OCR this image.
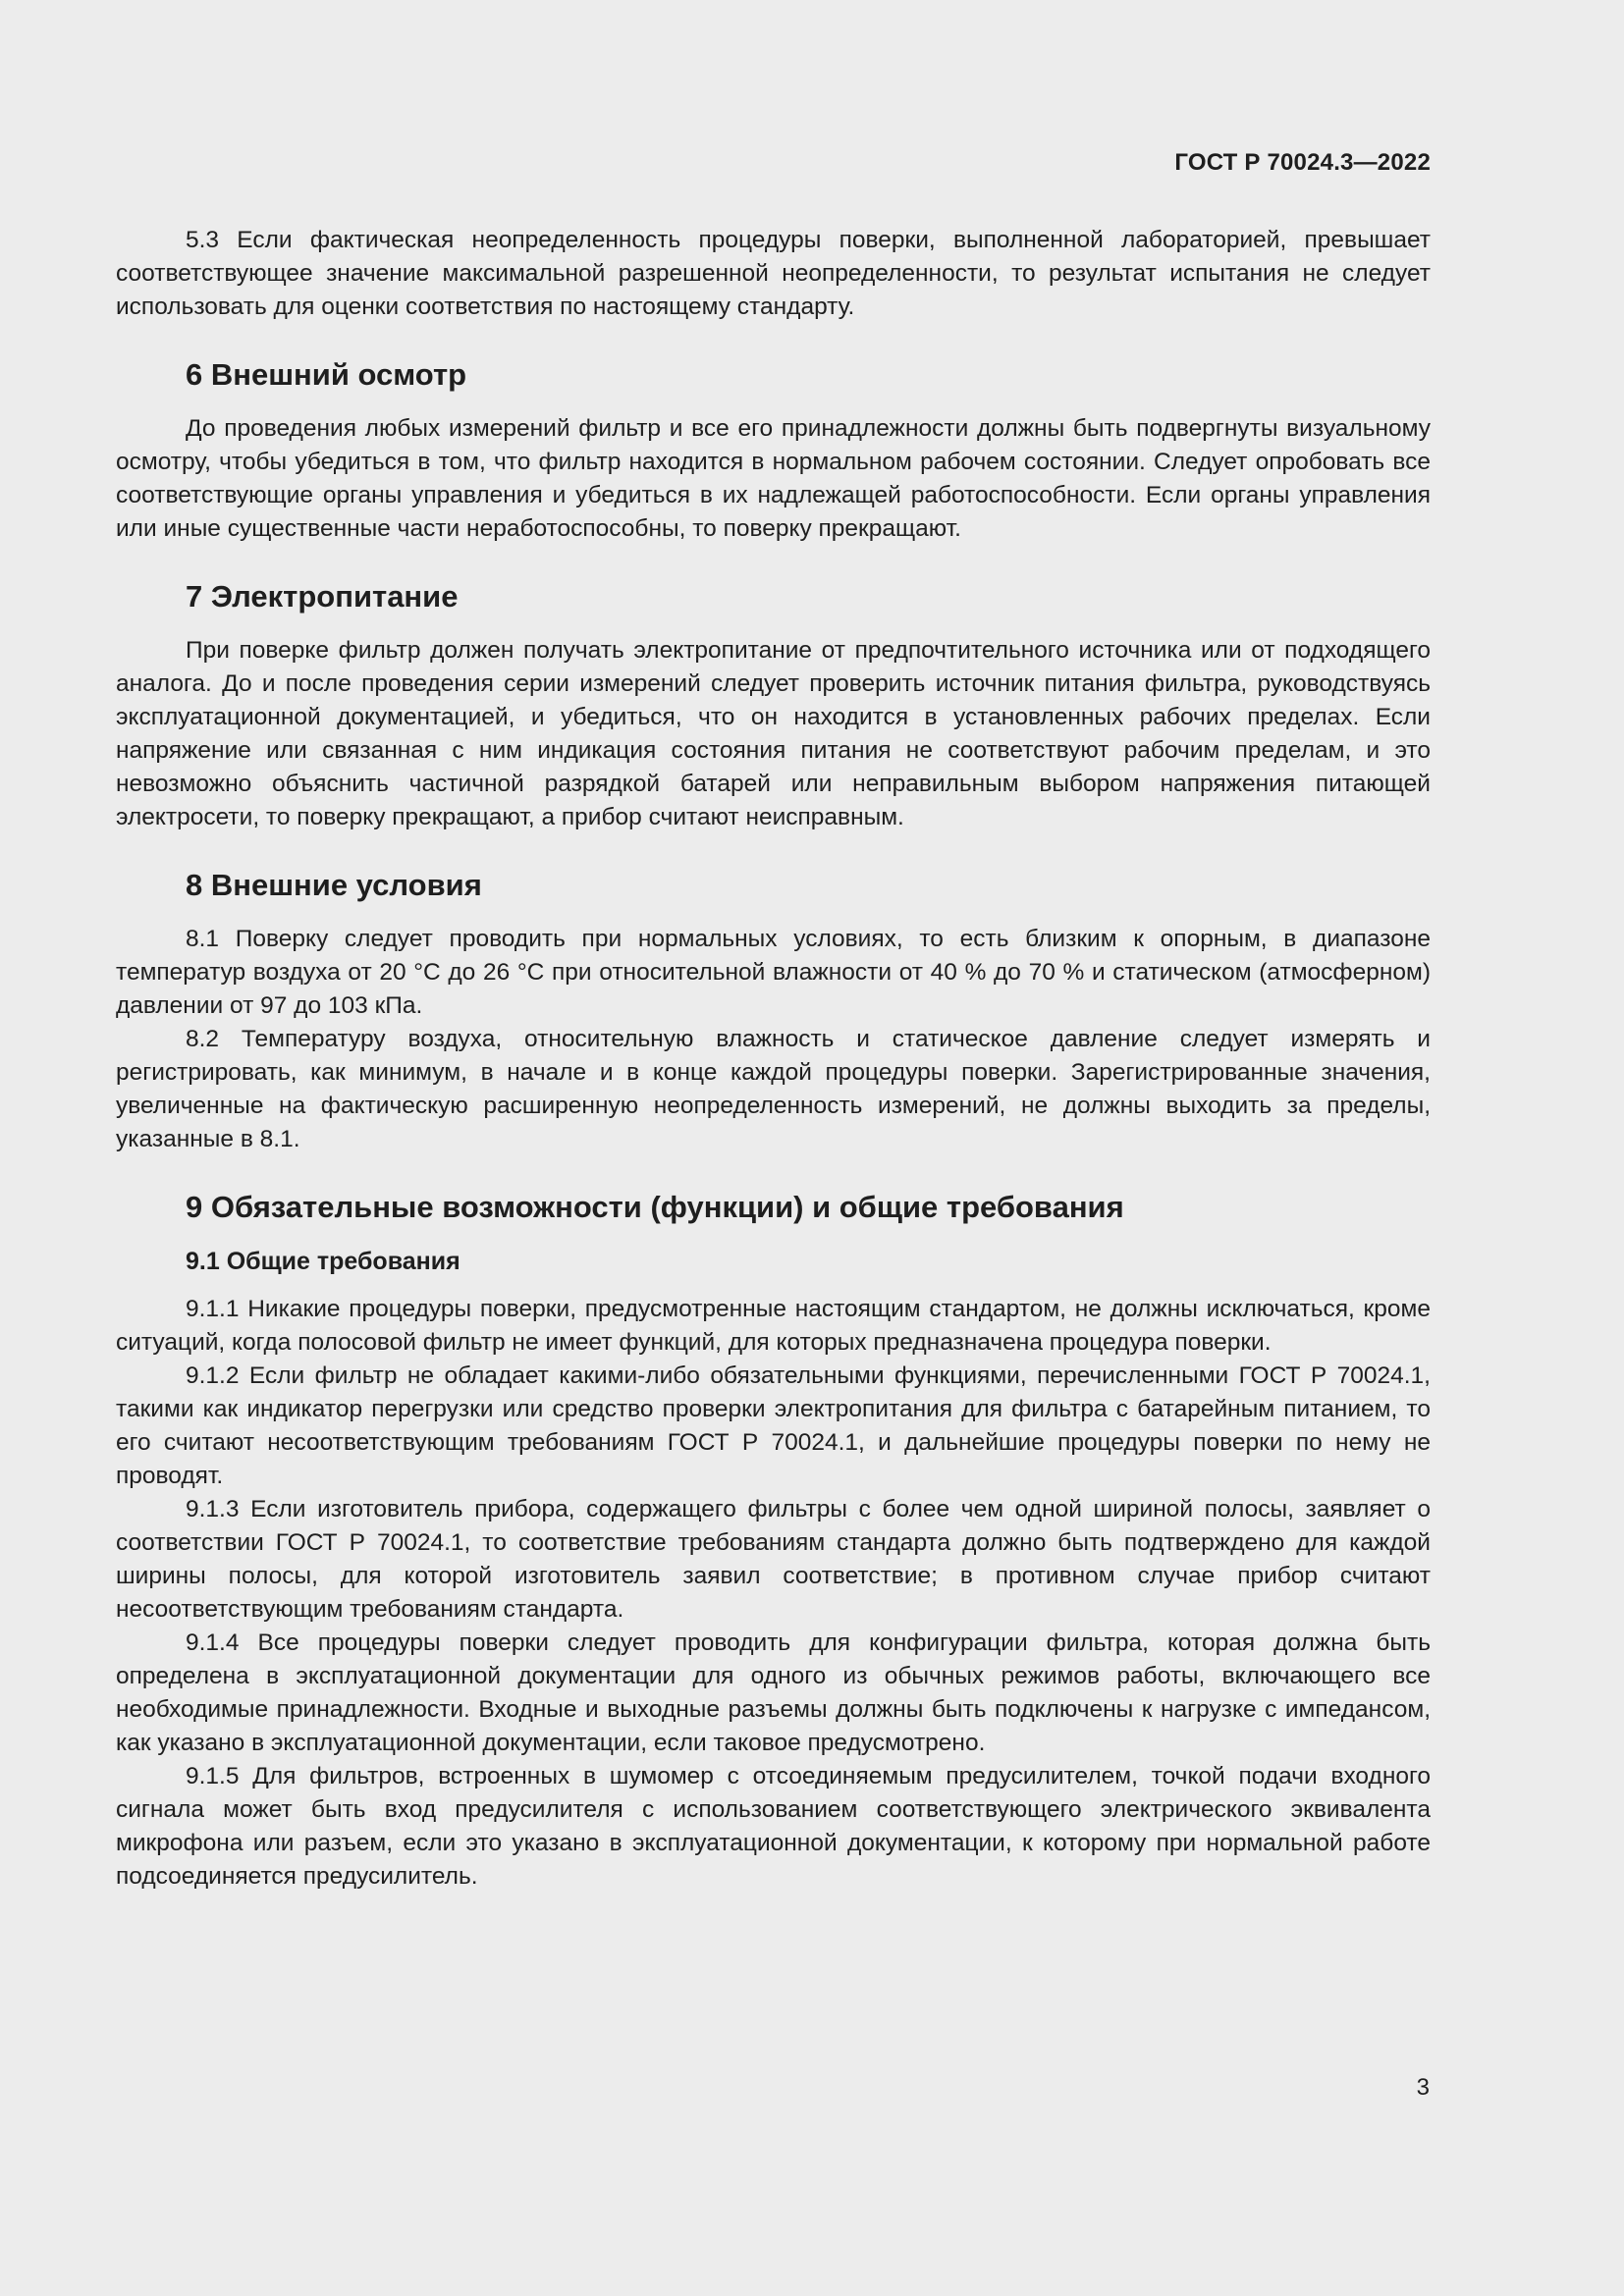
ГОСТ Р 70024.3—2022

5.3 Если фактическая неопределенность процедуры поверки, выполненной лабораторией, превышает соответствующее значение максимальной разрешенной неопределенности, то результат испытания не следует использовать для оценки соответствия по настоящему стандарту.

6 Внешний осмотр

До проведения любых измерений фильтр и все его принадлежности должны быть подвергнуты визуальному осмотру, чтобы убедиться в том, что фильтр находится в нормальном рабочем состоянии. Следует опробовать все соответствующие органы управления и убедиться в их надлежащей работоспособности. Если органы управления или иные существенные части неработоспособны, то поверку прекращают.

7 Электропитание

При поверке фильтр должен получать электропитание от предпочтительного источника или от подходящего аналога. До и после проведения серии измерений следует проверить источник питания фильтра, руководствуясь эксплуатационной документацией, и убедиться, что он находится в установленных рабочих пределах. Если напряжение или связанная с ним индикация состояния питания не соответствуют рабочим пределам, и это невозможно объяснить частичной разрядкой батарей или неправильным выбором напряжения питающей электросети, то поверку прекращают, а прибор считают неисправным.

8 Внешние условия

8.1 Поверку следует проводить при нормальных условиях, то есть близким к опорным, в диапазоне температур воздуха от 20 °С до 26 °С при относительной влажности от 40 % до 70 % и статическом (атмосферном) давлении от 97 до 103 кПа.

8.2 Температуру воздуха, относительную влажность и статическое давление следует измерять и регистрировать, как минимум, в начале и в конце каждой процедуры поверки. Зарегистрированные значения, увеличенные на фактическую расширенную неопределенность измерений, не должны выходить за пределы, указанные в 8.1.

9 Обязательные возможности (функции) и общие требования
9.1 Общие требования

9.1.1 Никакие процедуры поверки, предусмотренные настоящим стандартом, не должны исключаться, кроме ситуаций, когда полосовой фильтр не имеет функций, для которых предназначена процедура поверки.

9.1.2 Если фильтр не обладает какими-либо обязательными функциями, перечисленными ГОСТ Р 70024.1, такими как индикатор перегрузки или средство проверки электропитания для фильтра с батарейным питанием, то его считают несоответствующим требованиям ГОСТ Р 70024.1, и дальнейшие процедуры поверки по нему не проводят.

9.1.3 Если изготовитель прибора, содержащего фильтры с более чем одной шириной полосы, заявляет о соответствии ГОСТ Р 70024.1, то соответствие требованиям стандарта должно быть подтверждено для каждой ширины полосы, для которой изготовитель заявил соответствие; в противном случае прибор считают несоответствующим требованиям стандарта.

9.1.4 Все процедуры поверки следует проводить для конфигурации фильтра, которая должна быть определена в эксплуатационной документации для одного из обычных режимов работы, включающего все необходимые принадлежности. Входные и выходные разъемы должны быть подключены к нагрузке с импедансом, как указано в эксплуатационной документации, если таковое предусмотрено.

9.1.5 Для фильтров, встроенных в шумомер с отсоединяемым предусилителем, точкой подачи входного сигнала может быть вход предусилителя с использованием соответствующего электрического эквивалента микрофона или разъем, если это указано в эксплуатационной документации, к которому при нормальной работе подсоединяется предусилитель.

3
